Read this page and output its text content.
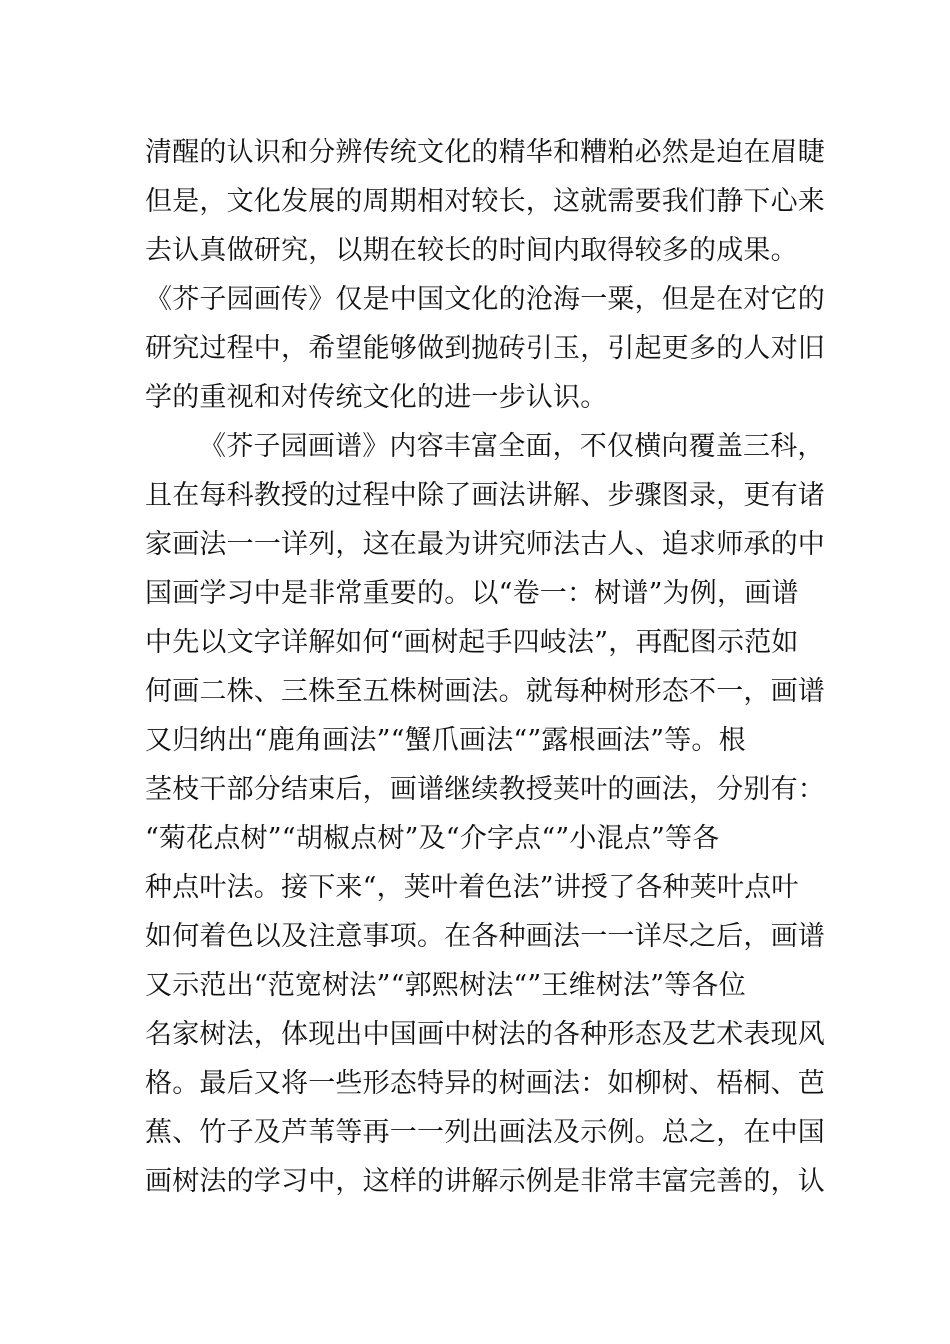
清醒的认识和分辨传统文化的精华和糟粕必然是迫在眉睫
但是，文化发展的周期相对较长，这就需要我们静下心来
去认真做研究，以期在较长的时间内取得较多的成果。
《芥子园画传》仅是中国文化的沧海一粟，但是在对它的
研究过程中，希望能够做到抛砖引玉，引起更多的人对旧
学的重视和对传统文化的进一步认识。
《芥子园画谱》内容丰富全面，不仅横向覆盖三科，
且在每科教授的过程中除了画法讲解、步骤图录，更有诸
家画法一一详列，这在最为讲究师法古人、追求师承的中
国画学习中是非常重要的。以“卷一：树谱”为例，画谱
中先以文字详解如何“画树起手四岐法”，再配图示范如
何画二株、三株至五株树画法。就每种树形态不一，画谱
又归纳出“鹿角画法”“蟹爪画法“”露根画法”等。根
茎枝干部分结束后，画谱继续教授荚叶的画法，分别有：
“菊花点树”“胡椒点树”及“介字点“”小混点”等各
种点叶法。接下来“，荚叶着色法”讲授了各种荚叶点叶
如何着色以及注意事项。在各种画法一一详尽之后，画谱
又示范出“范宽树法”“郭熙树法“”王维树法”等各位
名家树法，体现出中国画中树法的各种形态及艺术表现风
格。最后又将一些形态特异的树画法：如柳树、梧桐、芭
蕉、竹子及芦苇等再一一列出画法及示例。总之，在中国
画树法的学习中，这样的讲解示例是非常丰富完善的，认
